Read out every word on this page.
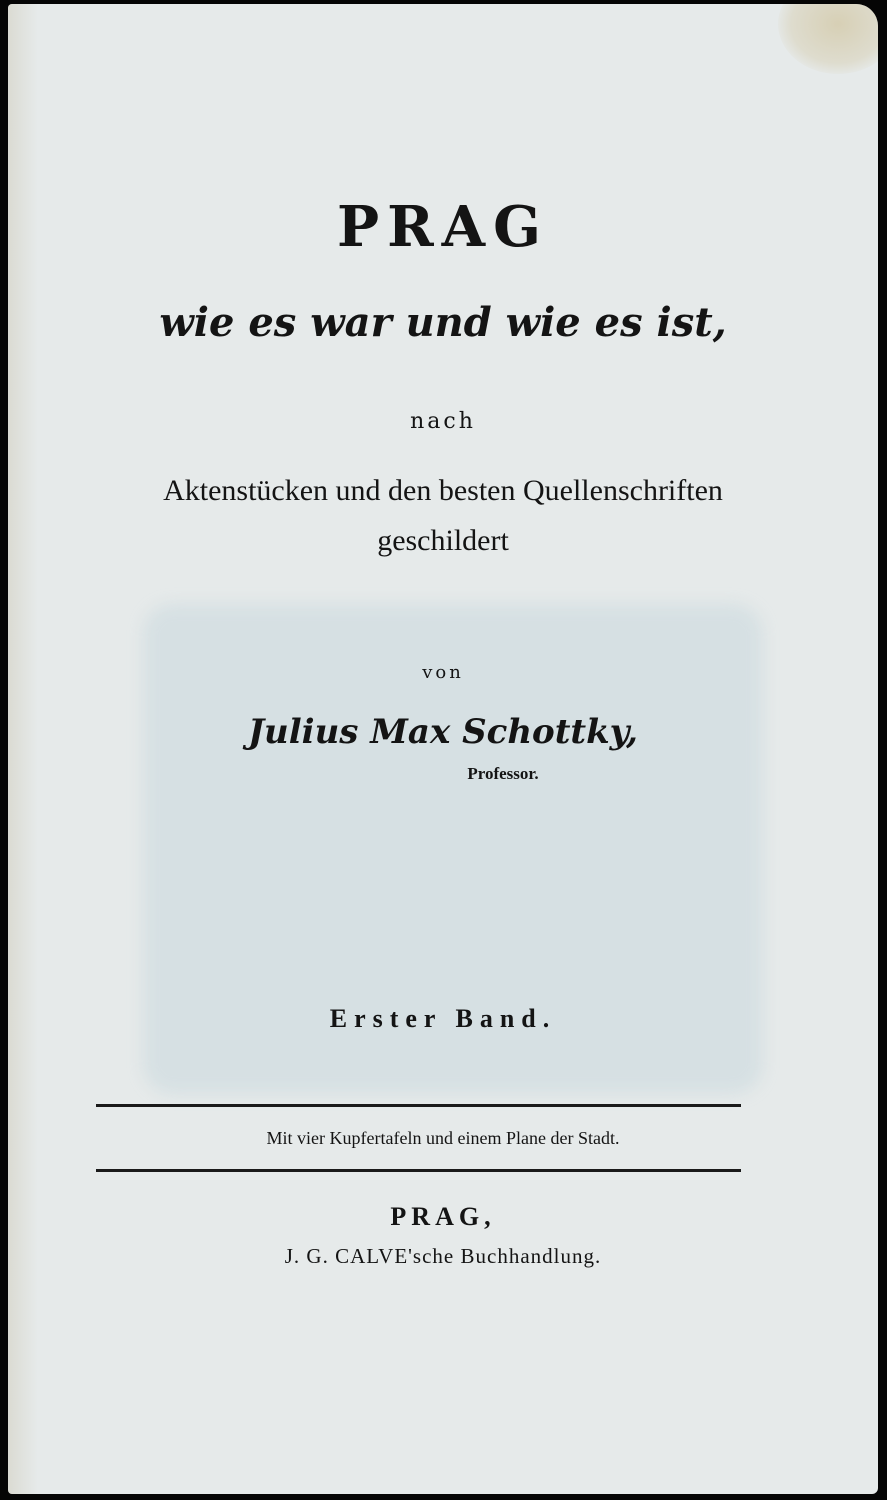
PRAG
wie es war und wie es ist,
nach
Aktenstücken und den besten Quellenschriften
geschildert
von
Julius Max Schottky,
Professor.
Erster Band.
Mit vier Kupfertafeln und einem Plane der Stadt.
PRAG,
J. G. CALVE'sche Buchhandlung.
